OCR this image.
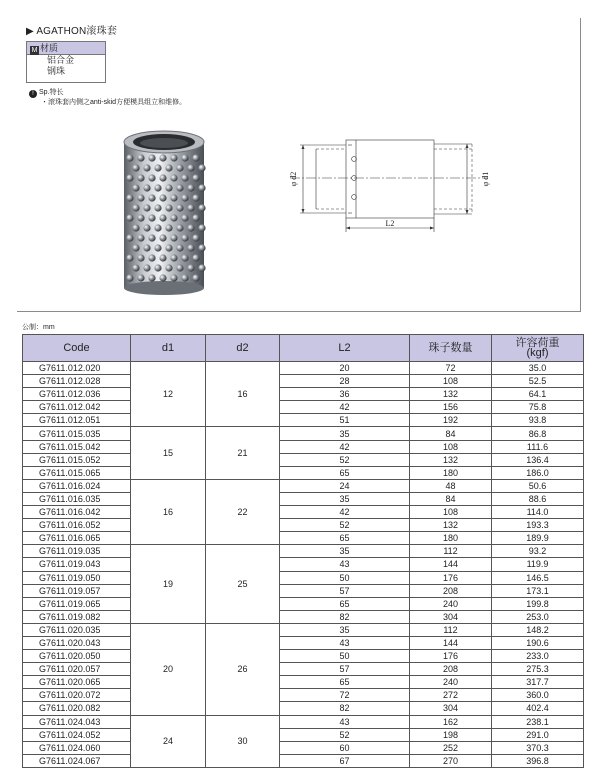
▶ AGATHON滚珠套
M 材质
铝合金
钢珠
! Sp.特长
・滚珠套内侧之anti-skid方便模具组立和维修。
φ d2	φ d1
L2
公制：mm
Code	d1	d2	L2	珠子数量	许容荷重
(kgf)
G7611.012.020	12	16	20	72	35.0
G7611.012.028			28	108	52.5
G7611.012.036			36	132	64.1
G7611.012.042			42	156	75.8
G7611.012.051			51	192	93.8
G7611.015.035	15	21	35	84	86.8
G7611.015.042			42	108	111.6
G7611.015.052			52	132	136.4
G7611.015.065			65	180	186.0
G7611.016.024	16	22	24	48	50.6
G7611.016.035			35	84	88.6
G7611.016.042			42	108	114.0
G7611.016.052			52	132	193.3
G7611.016.065			65	180	189.9
G7611.019.035	19	25	35	112	93.2
G7611.019.043			43	144	119.9
G7611.019.050			50	176	146.5
G7611.019.057			57	208	173.1
G7611.019.065			65	240	199.8
G7611.019.082			82	304	253.0
G7611.020.035	20	26	35	112	148.2
G7611.020.043			43	144	190.6
G7611.020.050			50	176	233.0
G7611.020.057			57	208	275.3
G7611.020.065			65	240	317.7
G7611.020.072			72	272	360.0
G7611.020.082			82	304	402.4
G7611.024.043	24	30	43	162	238.1
G7611.024.052			52	198	291.0
G7611.024.060			60	252	370.3
G7611.024.067			67	270	396.8
